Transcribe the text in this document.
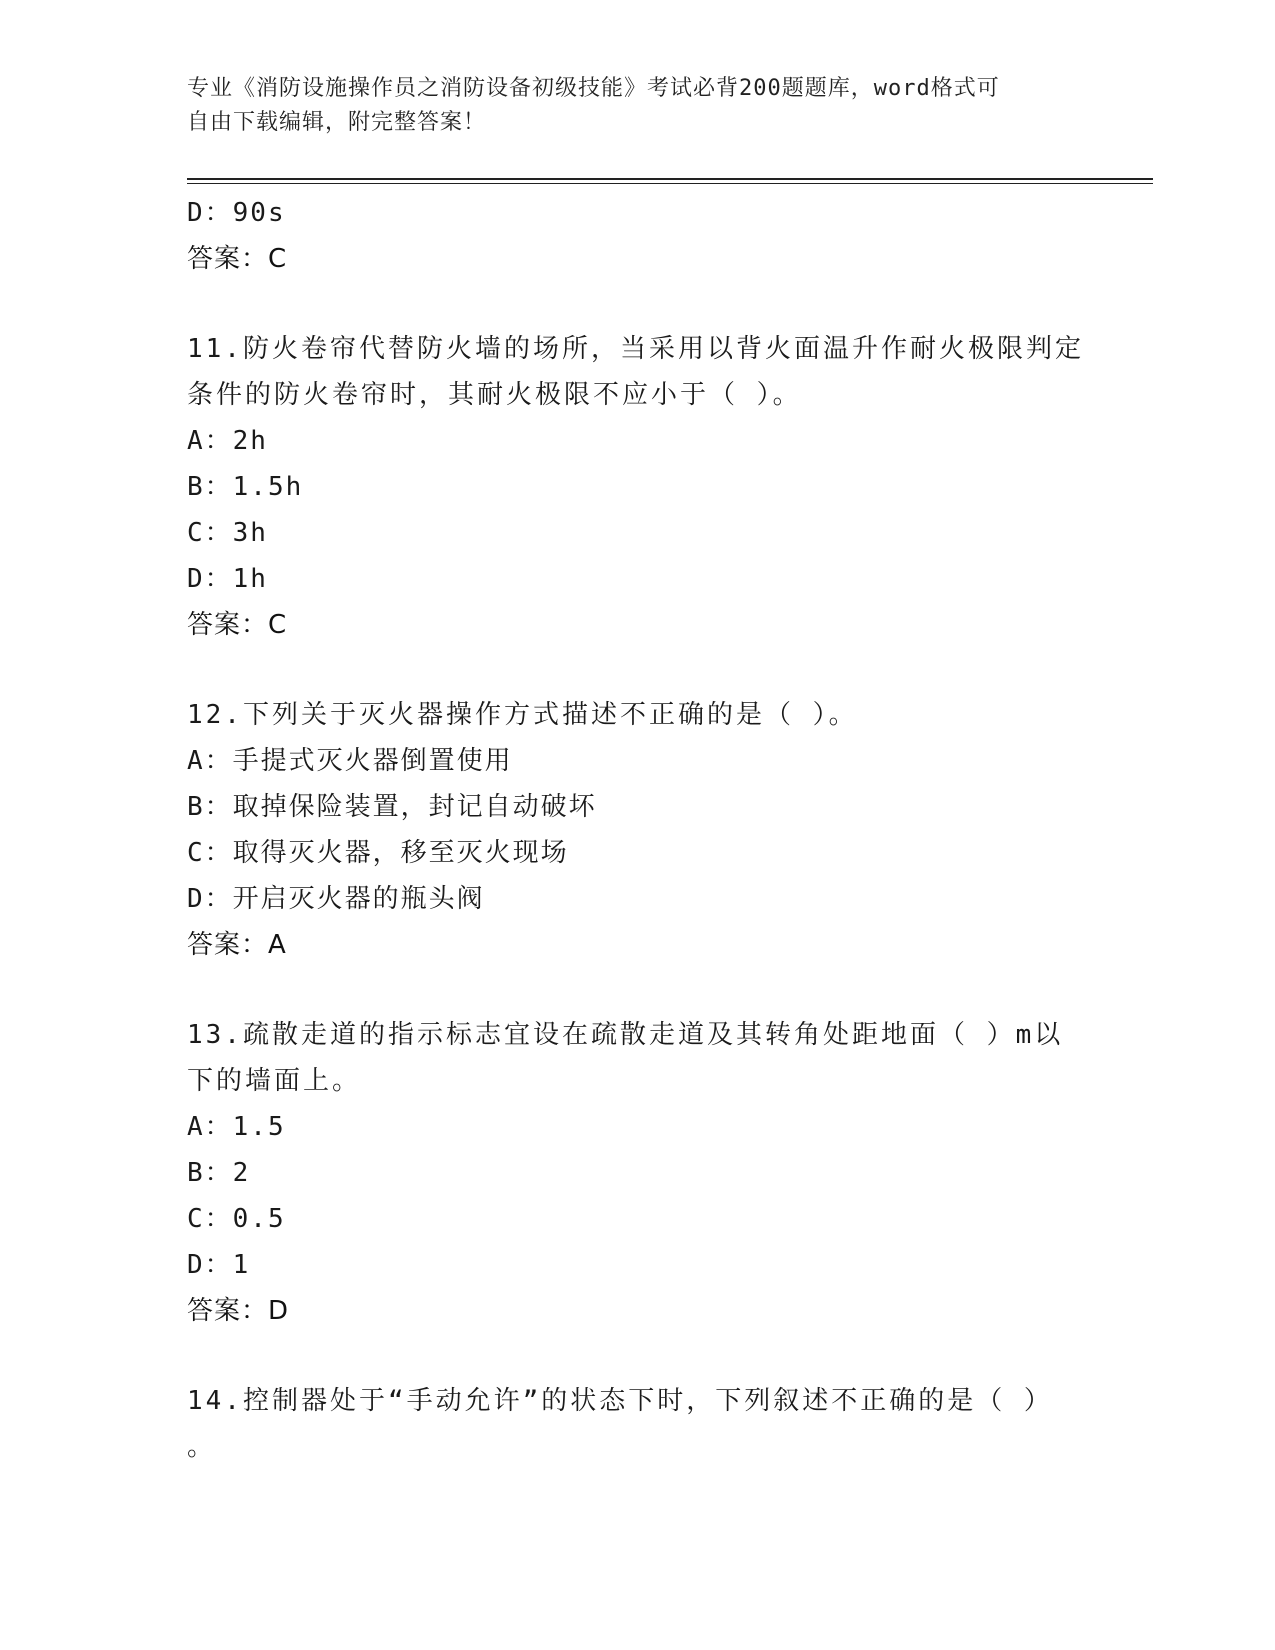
专业《消防设施操作员之消防设备初级技能》考试必背200题题库，word格式可
自由下载编辑，附完整答案！
D：90s
答案：C
11.防火卷帘代替防火墙的场所，当采用以背火面温升作耐火极限判定
条件的防火卷帘时，其耐火极限不应小于（ ）。
A：2h
B：1.5h
C：3h
D：1h
答案：C
12.下列关于灭火器操作方式描述不正确的是（ ）。
A：手提式灭火器倒置使用
B：取掉保险装置，封记自动破坏
C：取得灭火器，移至灭火现场
D：开启灭火器的瓶头阀
答案：A
13.疏散走道的指示标志宜设在疏散走道及其转角处距地面（ ）m以
下的墙面上。
A：1.5
B：2
C：0.5
D：1
答案：D
14.控制器处于“手动允许”的状态下时，下列叙述不正确的是（ ）
。
